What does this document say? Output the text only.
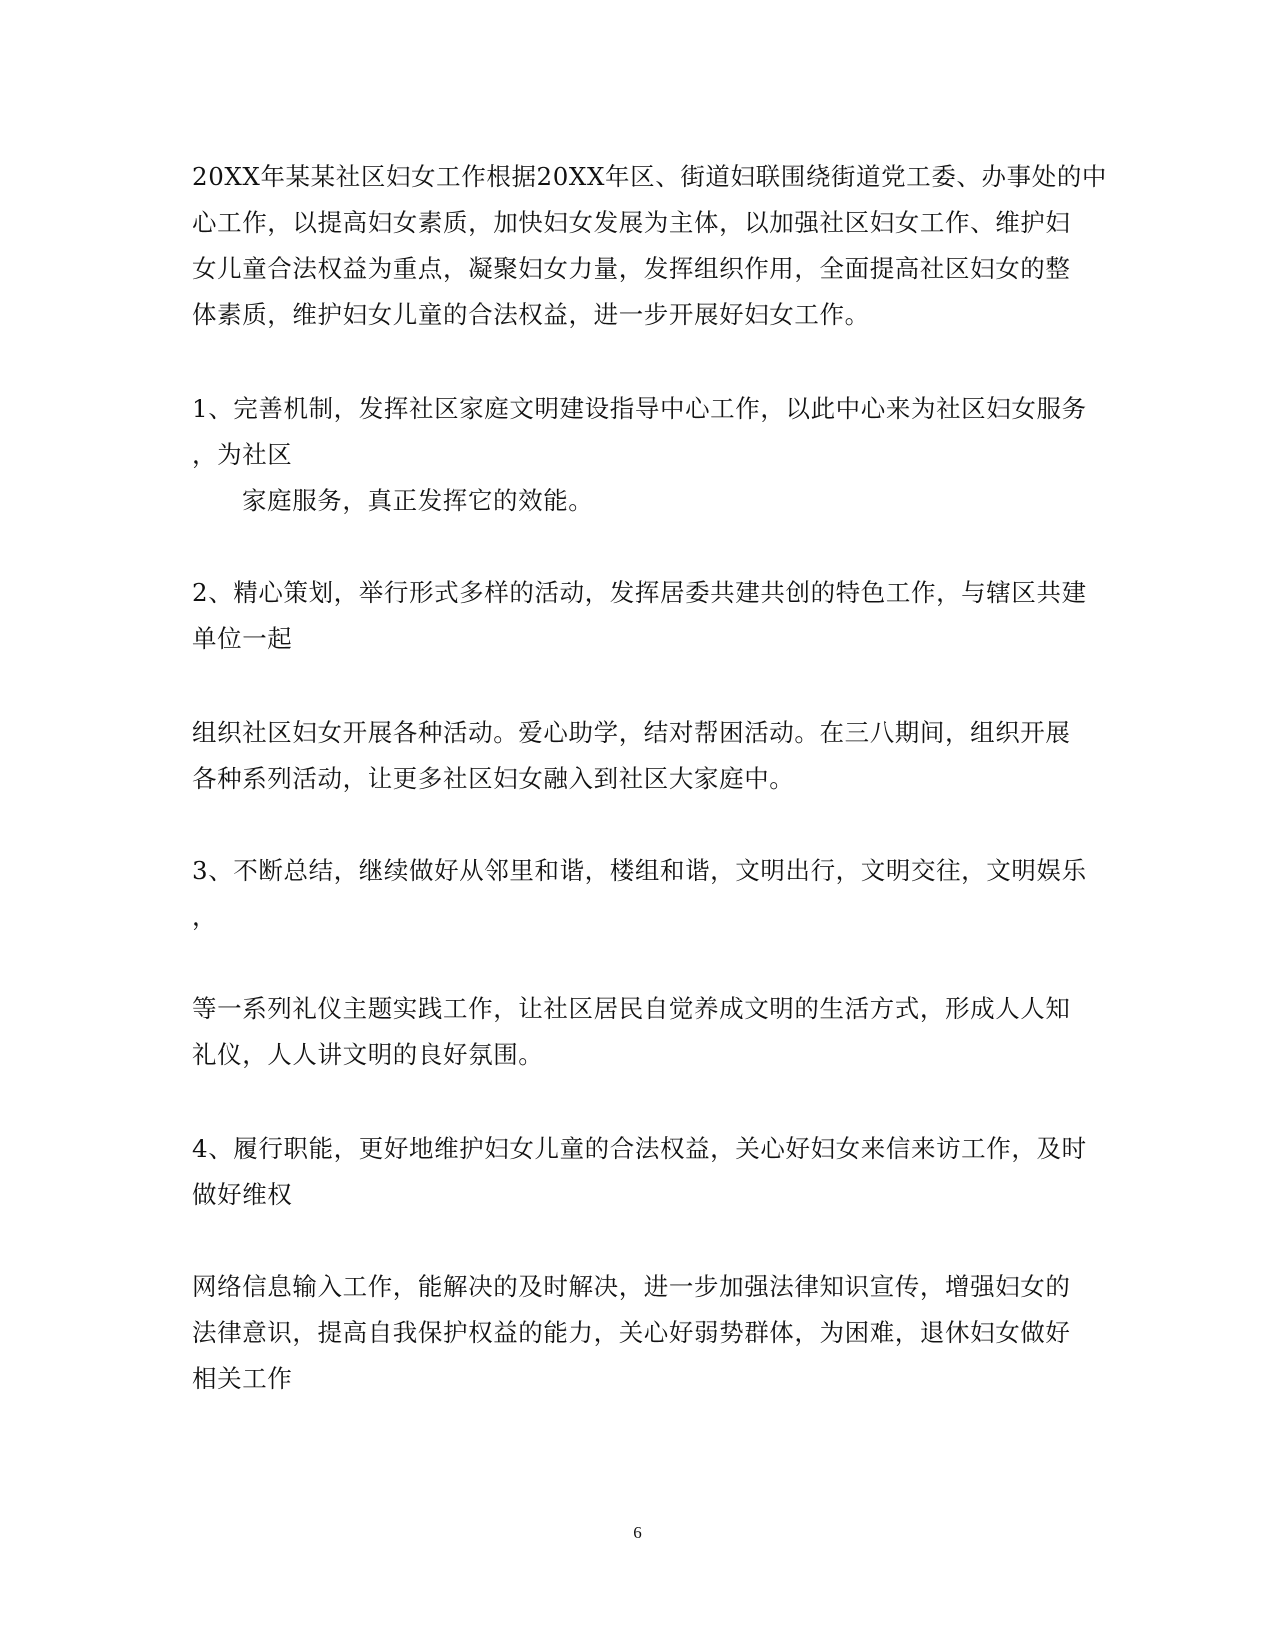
20XX年某某社区妇女工作根据20XX年区、街道妇联围绕街道党工委、办事处的中
心工作，以提高妇女素质，加快妇女发展为主体，以加强社区妇女工作、维护妇
女儿童合法权益为重点，凝聚妇女力量，发挥组织作用，全面提高社区妇女的整
体素质，维护妇女儿童的合法权益，进一步开展好妇女工作。
1、完善机制，发挥社区家庭文明建设指导中心工作，以此中心来为社区妇女服务
，为社区
家庭服务，真正发挥它的效能。
2、精心策划，举行形式多样的活动，发挥居委共建共创的特色工作，与辖区共建
单位一起
组织社区妇女开展各种活动。爱心助学，结对帮困活动。在三八期间，组织开展
各种系列活动，让更多社区妇女融入到社区大家庭中。
3、不断总结，继续做好从邻里和谐，楼组和谐，文明出行，文明交往，文明娱乐
，
等一系列礼仪主题实践工作，让社区居民自觉养成文明的生活方式，形成人人知
礼仪，人人讲文明的良好氛围。
4、履行职能，更好地维护妇女儿童的合法权益，关心好妇女来信来访工作，及时
做好维权
网络信息输入工作，能解决的及时解决，进一步加强法律知识宣传，增强妇女的
法律意识，提高自我保护权益的能力，关心好弱势群体，为困难，退休妇女做好
相关工作
6
